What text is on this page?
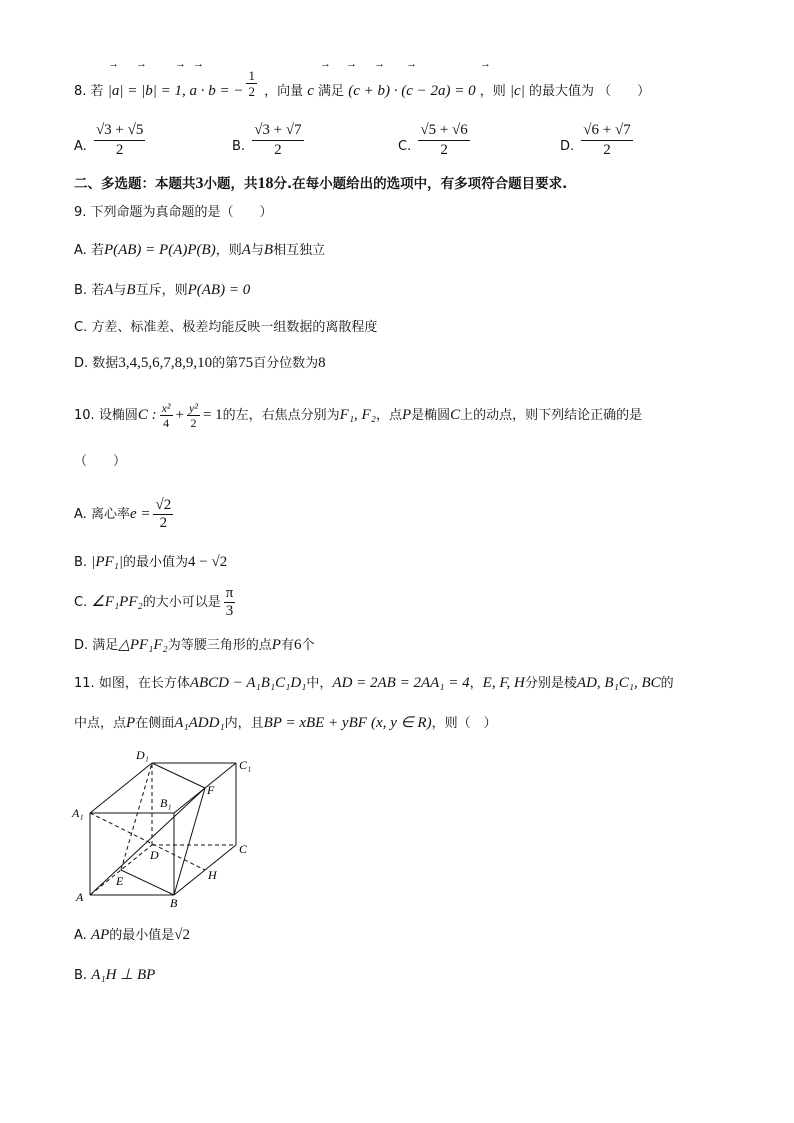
→ →	→ →	→ → → →	→
8. 若 |a| = |b| = 1, a · b = − $\frac{1}{2}$ ，向量 c 满足 (c + b) · (c − 2a) = 0 ，则 |c| 的最大值为 （　　）
A. $\frac{√3 + √5}{2}$	B. $\frac{√3 + √7}{2}$	C. $\frac{√5 + √6}{2}$	D. $\frac{√6 + √7}{2}$
二、多选题：本题共3小题，共18分.在每小题给出的选项中，有多项符合题目要求.
9. 下列命题为真命题的是（　　）
A. 若P(AB) = P(A)P(B)，则A与B相互独立
B. 若A与B互斥，则P(AB) = 0
C. 方差、标准差、极差均能反映一组数据的离散程度
D. 数据3,4,5,6,7,8,9,10的第75百分位数为8
10. 设椭圆C : $\frac{\text{x²}}{4} + \frac{\text{y²}}{2} = 1$的左，右焦点分别为F₁, F₂，点P是椭圆C上的动点，则下列结论正确的是
（　　）
A. 离心率$e = \frac{√2}{2}$
B. |PF₁|的最小值为4 − √2
C. ∠F₁PF₂的大小可以是 $\frac{\pi}{3}$
D. 满足△PF₁F₂为等腰三角形的点P有6个
11. 如图，在长方体ABCD − A₁B₁C₁D₁中，AD = 2AB = 2AA₁ = 4，E, F, H分别是棱AD, B₁C₁, BC的
中点，点P在侧面A₁ADD₁内，且BP = xBE + yBF (x, y ∈ R)，则（　）
D₁
C₁
B₁
F
A₁
D	C
E	H
A	B
A. AP的最小值是√2
B. A₁H ⊥ BP
